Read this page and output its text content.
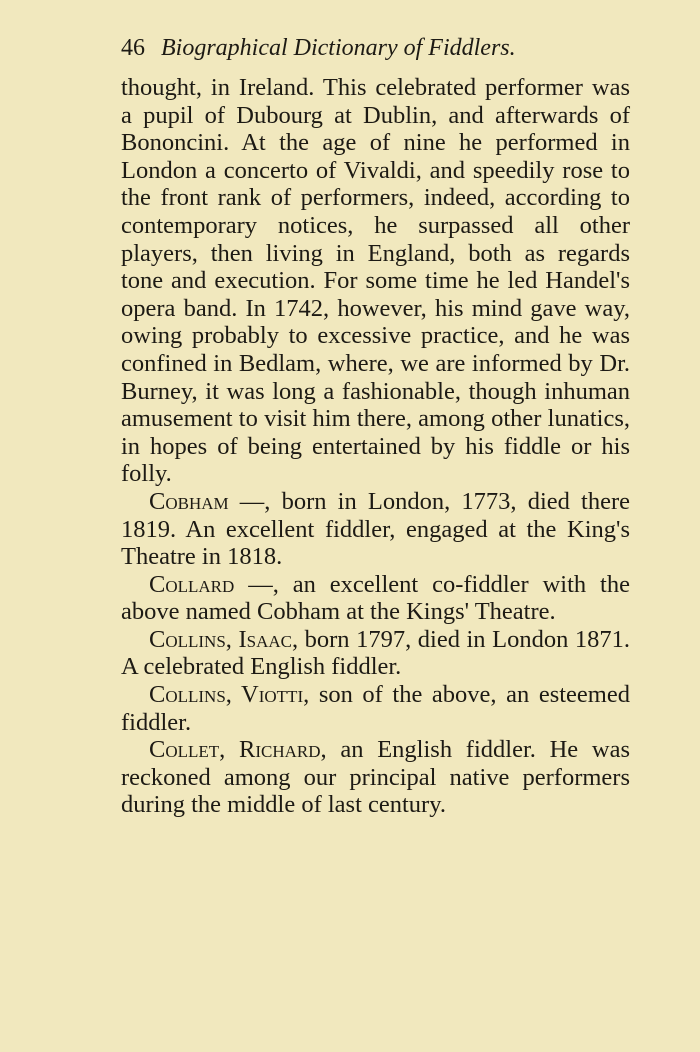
46 Biographical Dictionary of Fiddlers.

thought, in Ireland. This celebrated performer was a pupil of Dubourg at Dublin, and afterwards of Bononcini. At the age of nine he performed in London a concerto of Vivaldi, and speedily rose to the front rank of performers, indeed, according to contemporary notices, he surpassed all other players, then living in England, both as regards tone and execution. For some time he led Handel's opera band. In 1742, however, his mind gave way, owing probably to excessive practice, and he was confined in Bedlam, where, we are informed by Dr. Burney, it was long a fashionable, though inhuman amusement to visit him there, among other lunatics, in hopes of being entertained by his fiddle or his folly.

Cobham —, born in London, 1773, died there 1819. An excellent fiddler, engaged at the King's Theatre in 1818.

Collard —, an excellent co-fiddler with the above named Cobham at the Kings' Theatre.

Collins, Isaac, born 1797, died in London 1871. A celebrated English fiddler.

Collins, Viotti, son of the above, an esteemed fiddler.

Collet, Richard, an English fiddler. He was reckoned among our principal native performers during the middle of last century.
